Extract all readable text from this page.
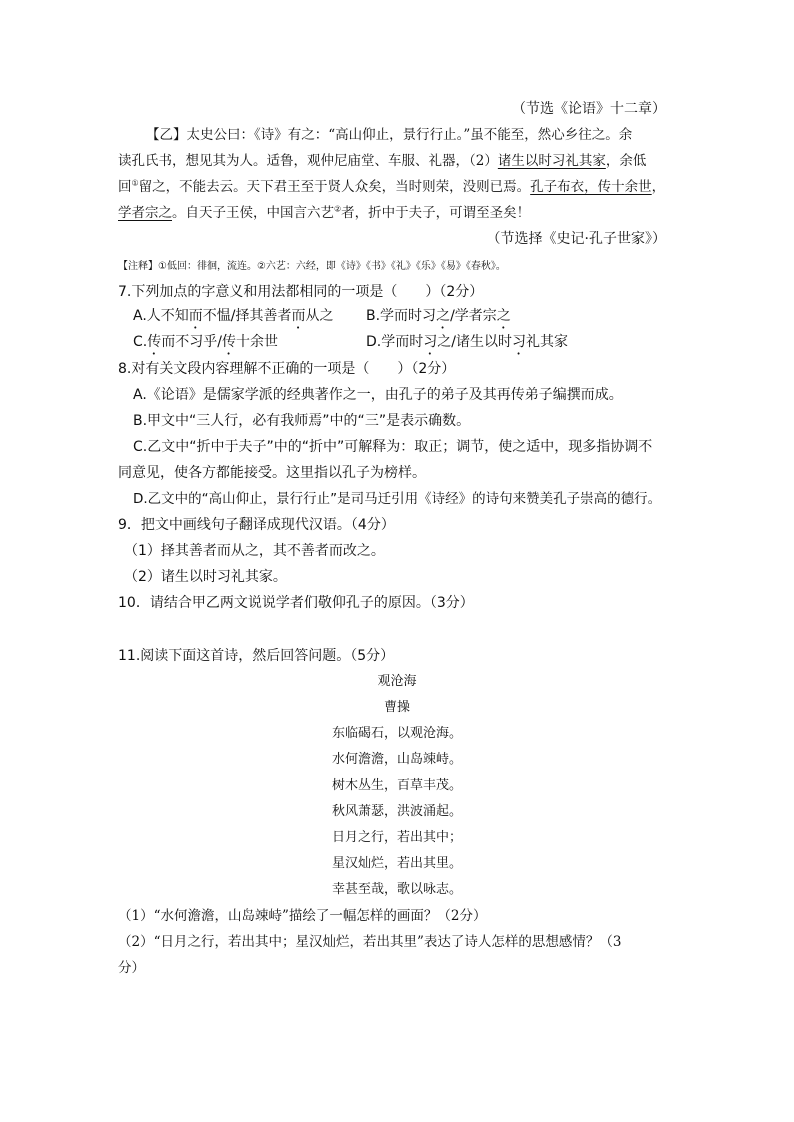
（节选《论语》十二章）
【乙】太史公曰：《诗》有之：“高山仰止，景行行止。”虽不能至，然心乡往之。余
读孔氏书，想见其为人。适鲁，观仲尼庙堂、车服、礼器，（2）诸生以时习礼其家，余低
回①留之，不能去云。天下君王至于贤人众矣，当时则荣，没则已焉。孔子布衣，传十余世，
学者宗之。自天子王侯，中国言六艺②者，折中于夫子，可谓至圣矣！
（节选择《史记·孔子世家》）
【注释】①低回：徘徊，流连。②六艺：六经，即《诗》《书》《礼》《乐》《易》《春秋》。
7.下列加点的字意义和用法都相同的一项是（　　）（2分）
A.人不知而不愠/择其善者而从之 B.学而时习之/学者宗之
C.传而不习乎/传十余世	D.学而时习之/诸生以时习礼其家
8.对有关文段内容理解不正确的一项是（　　）（2分）
A.《论语》是儒家学派的经典著作之一，由孔子的弟子及其再传弟子编撰而成。
B.甲文中“三人行，必有我师焉”中的“三”是表示确数。
C.乙文中“折中于夫子”中的“折中”可解释为：取正；调节，使之适中，现多指协调不
同意见，使各方都能接受。这里指以孔子为榜样。
D.乙文中的“高山仰止，景行行止”是司马迁引用《诗经》的诗句来赞美孔子崇高的德行。
9．把文中画线句子翻译成现代汉语。（4分）
（1）择其善者而从之，其不善者而改之。
（2）诸生以时习礼其家。
10．请结合甲乙两文说说学者们敬仰孔子的原因。（3分）
11.阅读下面这首诗，然后回答问题。（5分）
观沧海
曹操
东临碣石，以观沧海。
水何澹澹，山岛竦峙。
树木丛生，百草丰茂。
秋风萧瑟，洪波涌起。
日月之行，若出其中；
星汉灿烂，若出其里。
幸甚至哉，歌以咏志。
（1）“水何澹澹，山岛竦峙”描绘了一幅怎样的画面？（2分）
（2）“日月之行，若出其中；星汉灿烂，若出其里”表达了诗人怎样的思想感情？（3
分）
